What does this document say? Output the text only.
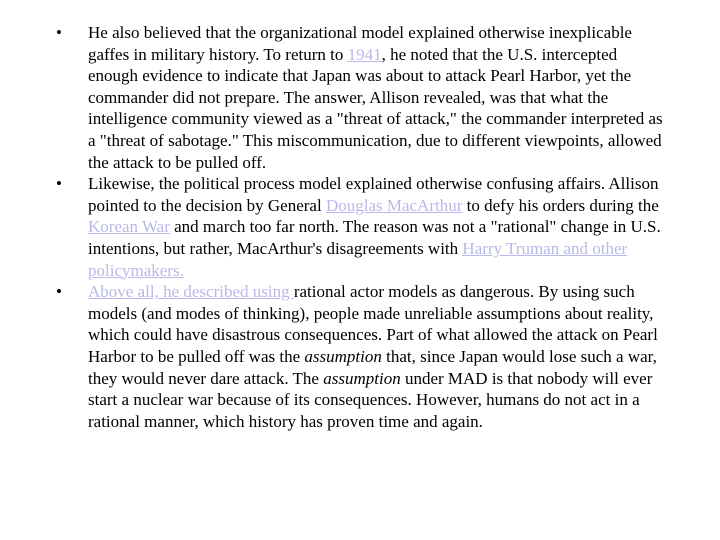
•	He also believed that the organizational model explained otherwise inexplicable gaffes in military history. To return to 1941, he noted that the U.S. intercepted enough evidence to indicate that Japan was about to attack Pearl Harbor, yet the commander did not prepare. The answer, Allison revealed, was that what the intelligence community viewed as a "threat of attack," the commander interpreted as a "threat of sabotage." This miscommunication, due to different viewpoints, allowed the attack to be pulled off.
•	Likewise, the political process model explained otherwise confusing affairs. Allison pointed to the decision by General Douglas MacArthur to defy his orders during the Korean War and march too far north. The reason was not a "rational" change in U.S. intentions, but rather, MacArthur's disagreements with Harry Truman and other policymakers.
•	Above all, he described using rational actor models as dangerous. By using such models (and modes of thinking), people made unreliable assumptions about reality, which could have disastrous consequences. Part of what allowed the attack on Pearl Harbor to be pulled off was the assumption that, since Japan would lose such a war, they would never dare attack. The assumption under MAD is that nobody will ever start a nuclear war because of its consequences. However, humans do not act in a rational manner, which history has proven time and again.
